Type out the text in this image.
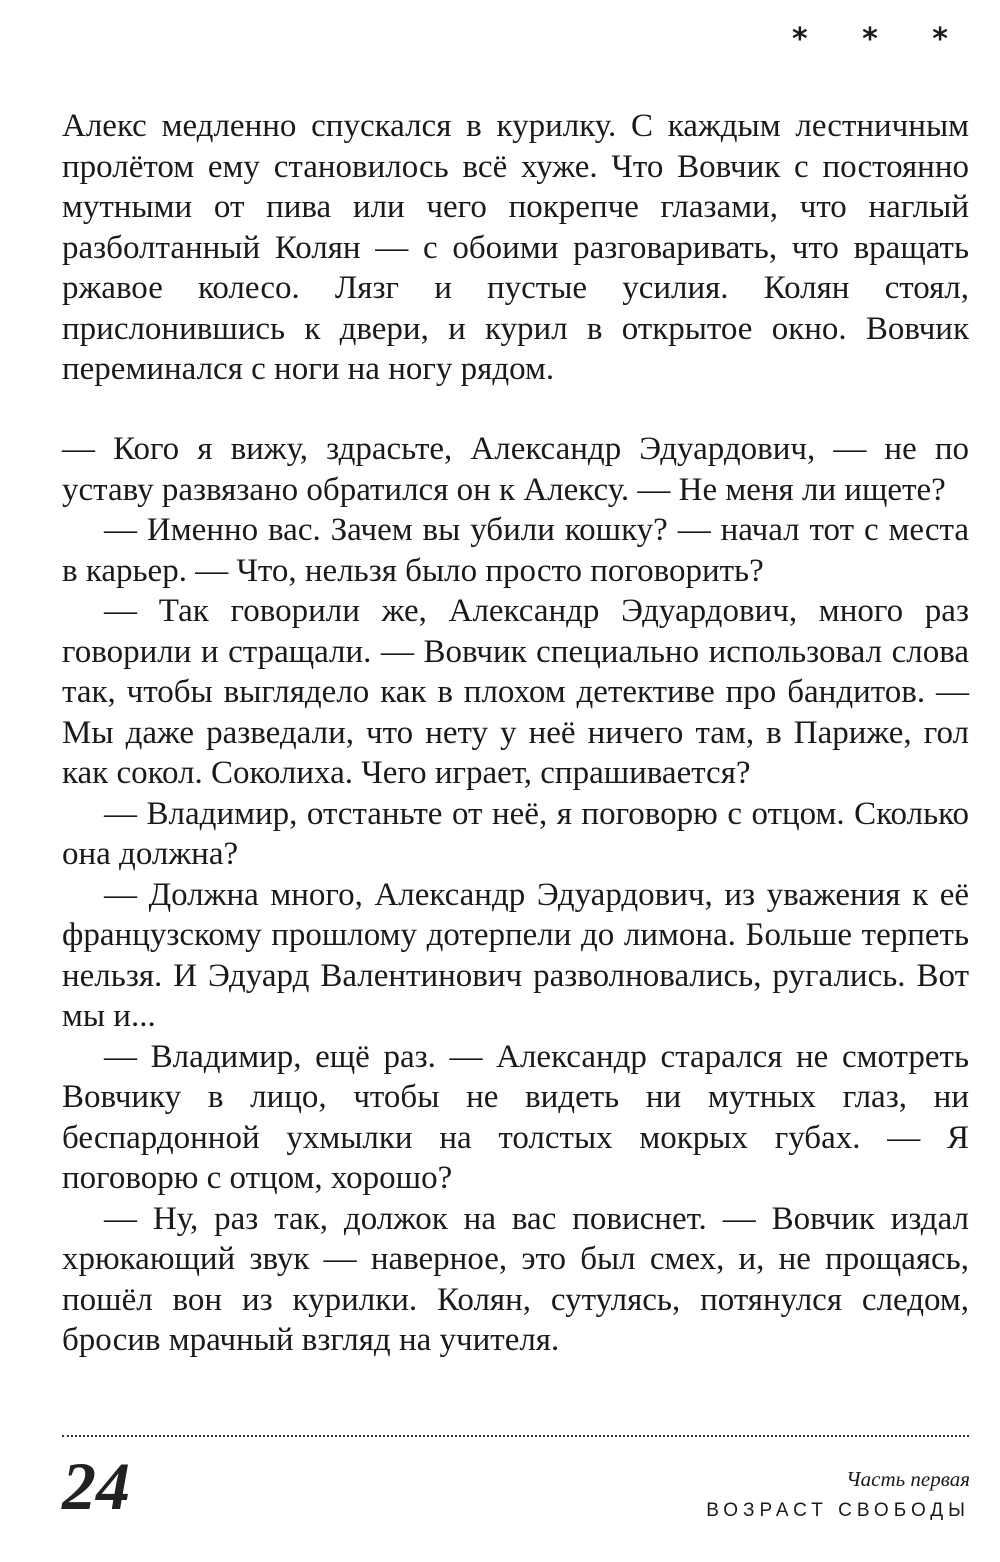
* * *

Алекс медленно спускался в курилку. С каждым лестничным пролётом ему становилось всё хуже. Что Вовчик с постоянно мутными от пива или чего покрепче глазами, что наглый разболтанный Колян — с обоими разговаривать, что вращать ржавое колесо. Лязг и пустые усилия. Колян стоял, прислонившись к двери, и курил в открытое окно. Вовчик переминался с ноги на ногу рядом.

— Кого я вижу, здрасьте, Александр Эдуардович, — не по уставу развязано обратился он к Алексу. — Не меня ли ищете?

— Именно вас. Зачем вы убили кошку? — начал тот с места в карьер. — Что, нельзя было просто поговорить?

— Так говорили же, Александр Эдуардович, много раз говорили и стращали. — Вовчик специально использовал слова так, чтобы выглядело как в плохом детективе про бандитов. — Мы даже разведали, что нету у неё ничего там, в Париже, гол как сокол. Соколиха. Чего играет, спрашивается?

— Владимир, отстаньте от неё, я поговорю с отцом. Сколько она должна?

— Должна много, Александр Эдуардович, из уважения к её французскому прошлому дотерпели до лимона. Больше терпеть нельзя. И Эдуард Валентинович разволновались, ругались. Вот мы и...

— Владимир, ещё раз. — Александр старался не смотреть Вовчику в лицо, чтобы не видеть ни мутных глаз, ни беспардонной ухмылки на толстых мокрых губах. — Я поговорю с отцом, хорошо?

— Ну, раз так, должок на вас повиснет. — Вовчик издал хрюкающий звук — наверное, это был смех, и, не прощаясь, пошёл вон из курилки. Колян, сутулясь, потянулся следом, бросив мрачный взгляд на учителя.

24	Часть первая
ВОЗРАСТ СВОБОДЫ
